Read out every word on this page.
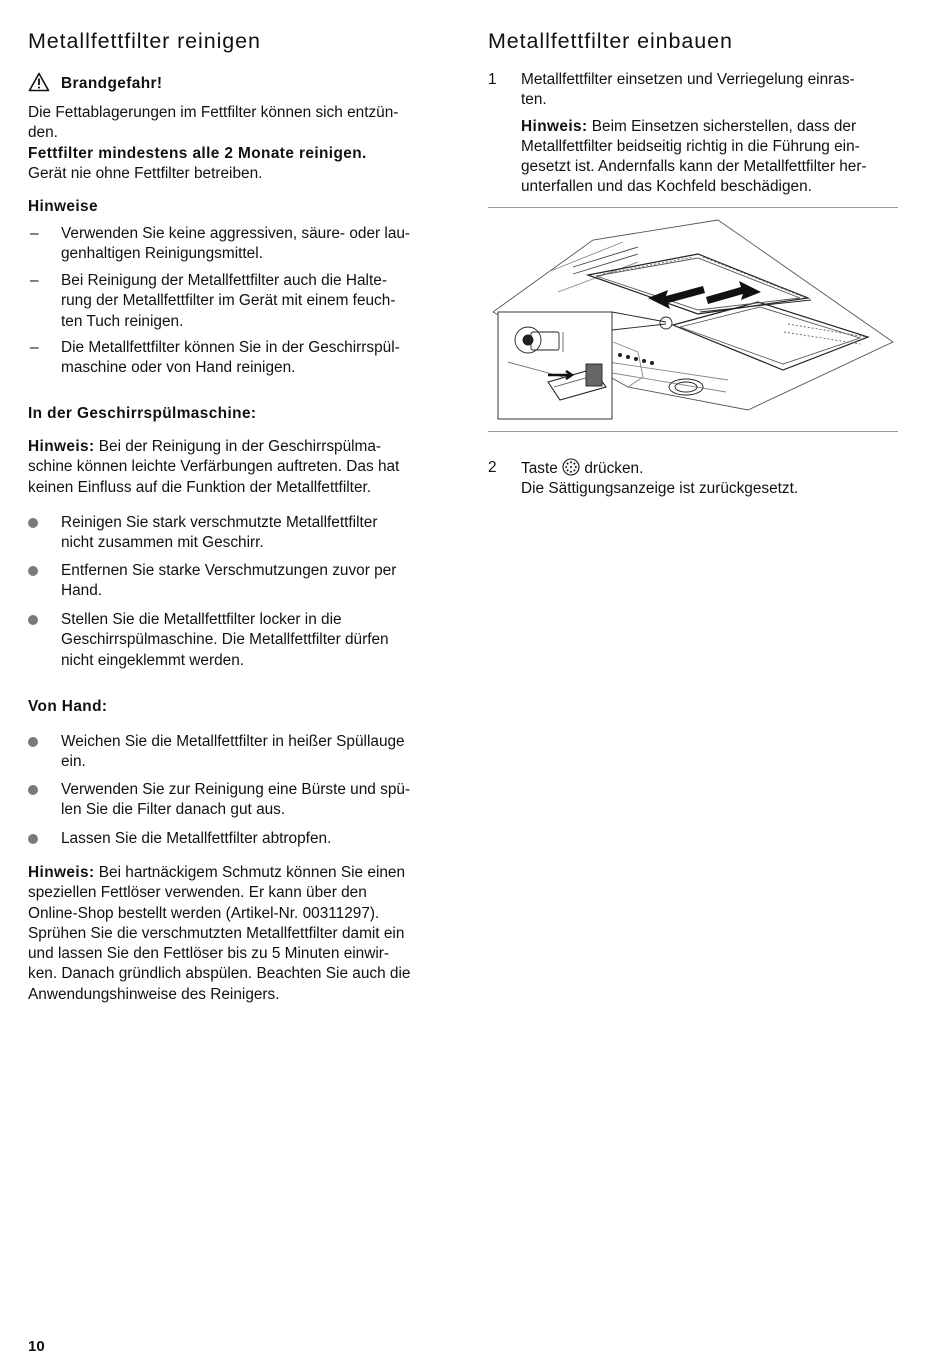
Metallfettfilter reinigen
Brandgefahr!

Die Fettablagerungen im Fettfilter können sich entzün-
den.

Fettfilter mindestens alle 2 Monate reinigen.

Gerät nie ohne Fettfilter betreiben.

Hinweise

– Verwenden Sie keine aggressiven, säure- oder lau-
genhaltigen Reinigungsmittel.

– Bei Reinigung der Metallfettfilter auch die Halte-
rung der Metallfettfilter im Gerät mit einem feuch-
ten Tuch reinigen.

– Die Metallfettfilter können Sie in der Geschirrspül-
maschine oder von Hand reinigen.

In der Geschirrspülmaschine:

Hinweis: Bei der Reinigung in der Geschirrspülma-
schine können leichte Verfärbungen auftreten. Das hat
keinen Einfluss auf die Funktion der Metallfettfilter.

Reinigen Sie stark verschmutzte Metallfettfilter
nicht zusammen mit Geschirr.

Entfernen Sie starke Verschmutzungen zuvor per
Hand.

Stellen Sie die Metallfettfilter locker in die
Geschirrspülmaschine. Die Metallfettfilter dürfen
nicht eingeklemmt werden.

Von Hand:

Weichen Sie die Metallfettfilter in heißer Spüllauge
ein.

Verwenden Sie zur Reinigung eine Bürste und spü-
len Sie die Filter danach gut aus.

Lassen Sie die Metallfettfilter abtropfen.

Hinweis: Bei hartnäckigem Schmutz können Sie einen
speziellen Fettlöser verwenden. Er kann über den
Online-Shop bestellt werden (Artikel-Nr. 00311297).
Sprühen Sie die verschmutzten Metallfettfilter damit ein
und lassen Sie den Fettlöser bis zu 5 Minuten einwir-
ken. Danach gründlich abspülen. Beachten Sie auch die
Anwendungshinweise des Reinigers.

Metallfettfilter einbauen
1 Metallfettfilter einsetzen und Verriegelung einras-
ten.

Hinweis: Beim Einsetzen sicherstellen, dass der
Metallfettfilter beidseitig richtig in die Führung ein-
gesetzt ist. Andernfalls kann der Metallfettfilter her-
unterfallen und das Kochfeld beschädigen.

2 Taste  drücken.
Die Sättigungsanzeige ist zurückgesetzt.

10
